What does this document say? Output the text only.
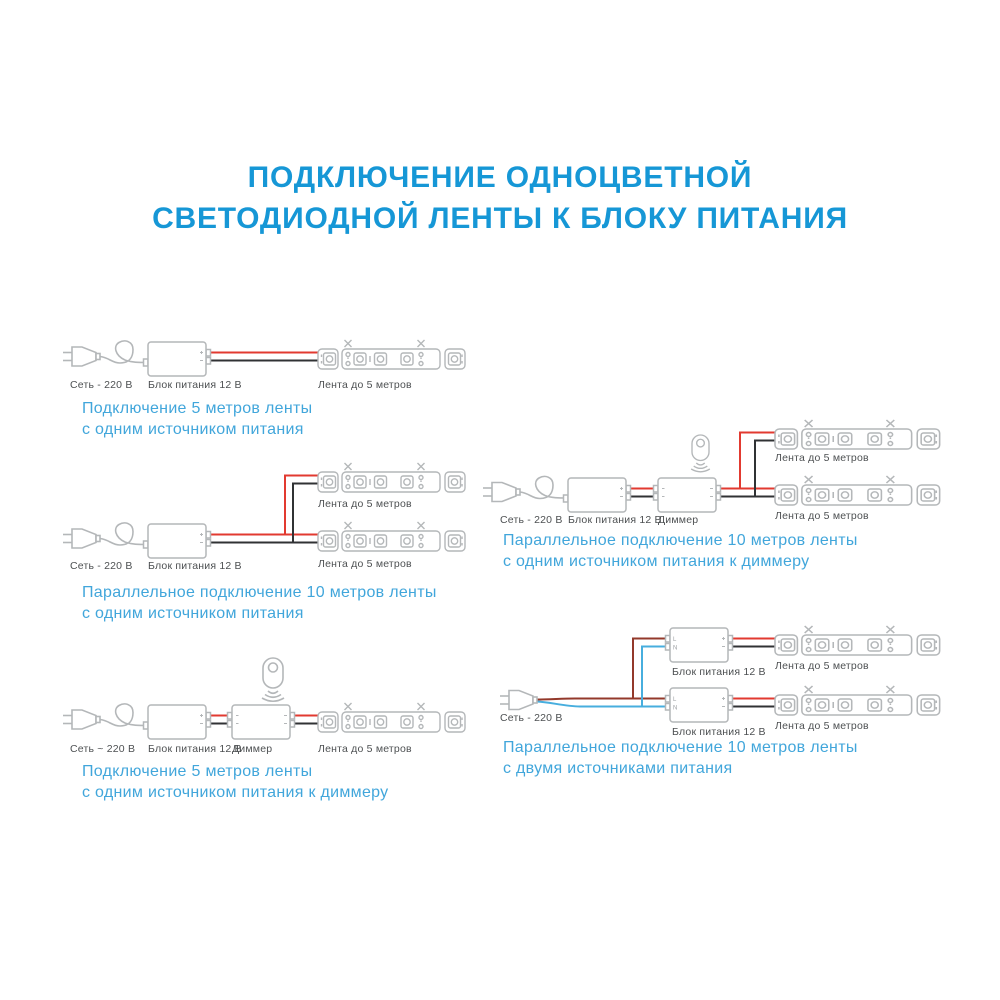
ПОДКЛЮЧЕНИЕ ОДНОЦВЕТНОЙ
СВЕТОДИОДНОЙ ЛЕНТЫ К БЛОКУ ПИТАНИЯ
Сеть - 220 В Блок питания 12 В	Лента до 5 метров
Подключение 5 метров ленты
с одним источником питания
Лента до 5 метров
Сеть - 220 В Блок питания 12 В	Лента до 5 метров
Параллельное подключение 10 метров ленты
с одним источником питания
Сеть ~ 220 В Блок питания 12 В
Диммер	Лента до 5 метров
Подключение 5 метров ленты
с одним источником питания к диммеру
Лента до 5 метров
Сеть - 220 В Блок питания 12 В
Диммер	Лента до 5 метров
Параллельное подключение 10 метров ленты
с одним источником питания к диммеру
Блок питания 12 В Лента до 5 метров
Сеть - 220 В
Блок питания 12 В Лента до 5 метров
Параллельное подключение 10 метров ленты
с двумя источниками питания
